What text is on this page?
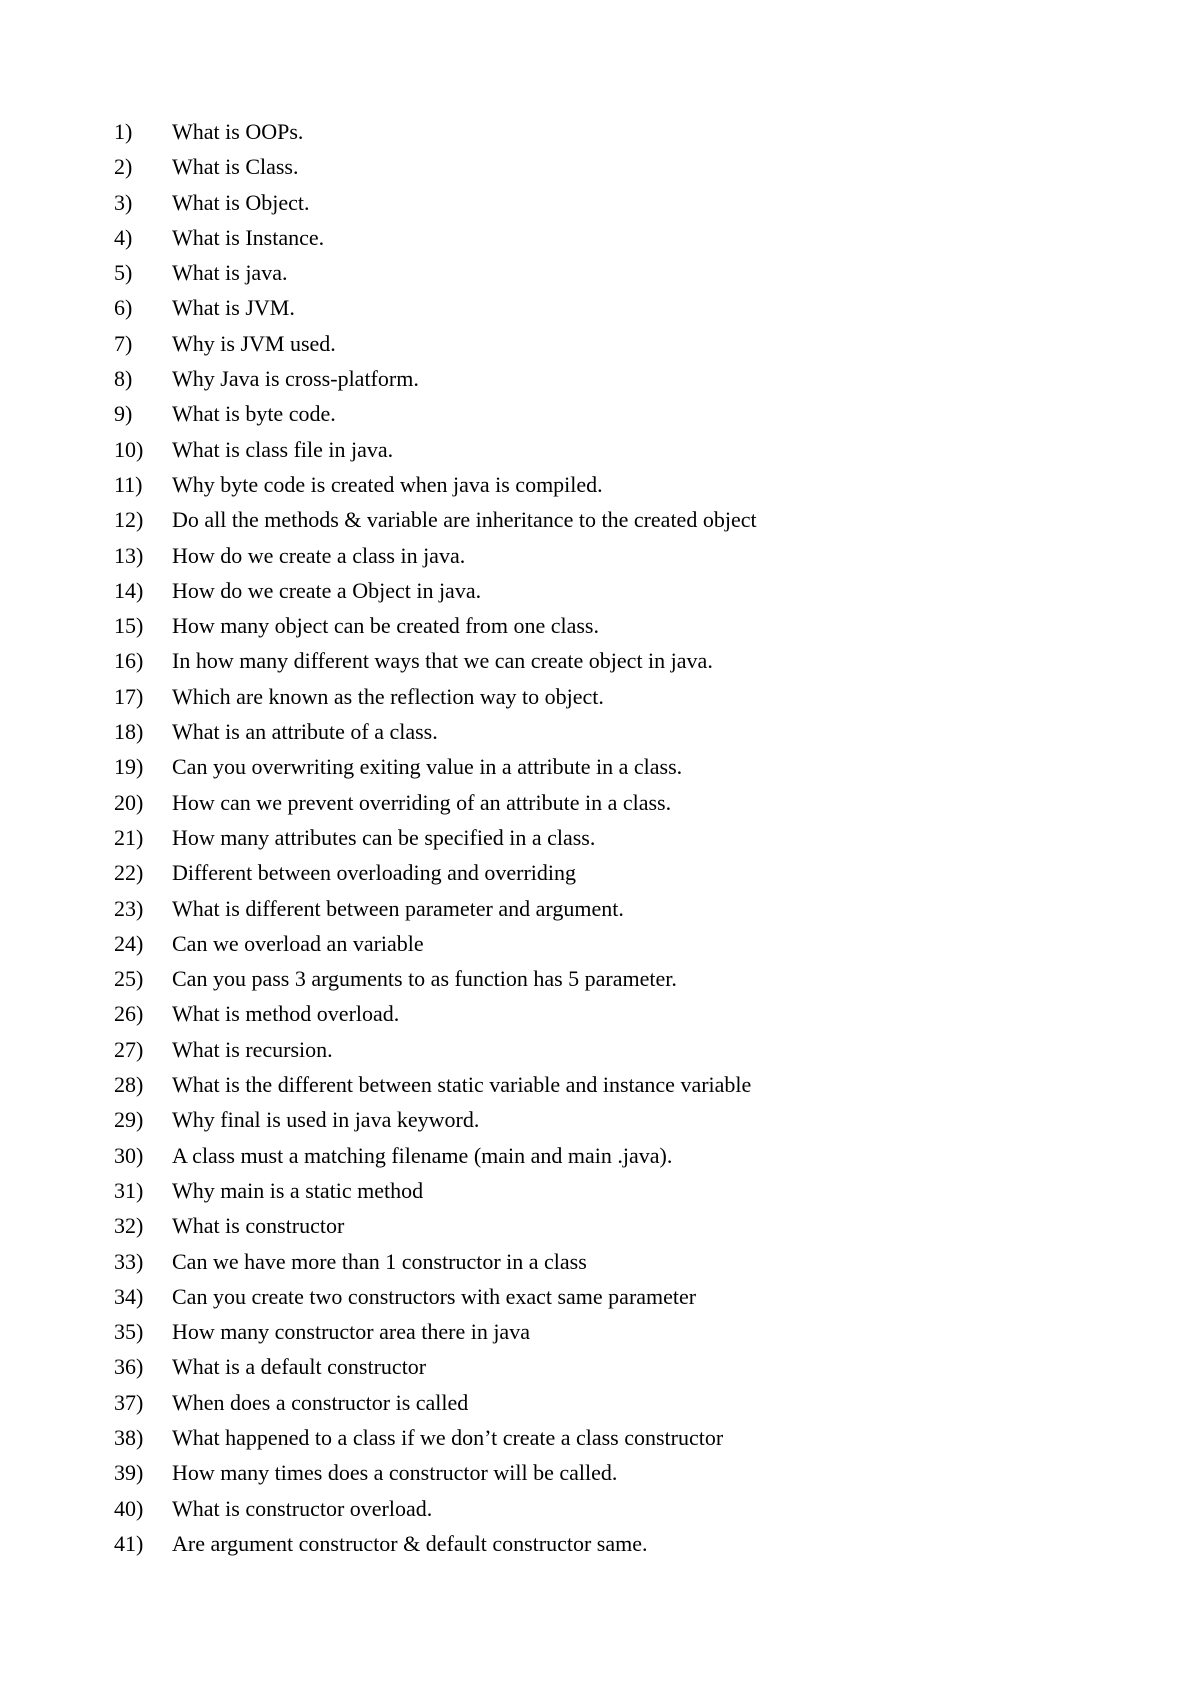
1)	What is OOPs.
2)	What is Class.
3)	What is Object.
4)	What is Instance.
5)	What is java.
6)	What is JVM.
7)	Why is JVM used.
8)	Why Java is cross-platform.
9)	What is byte code.
10)	What is class file in java.
11)	Why byte code is created when java is compiled.
12)	Do all the methods & variable are inheritance to the created object
13)	How do we create a class in java.
14)	How do we create a Object in java.
15)	How many object can be created from one class.
16)	In how many different ways that we can create object in java.
17)	Which are known as the reflection way to object.
18)	What is an attribute of a class.
19)	Can you overwriting exiting value in a attribute in a class.
20)	How can we prevent overriding of an attribute in a class.
21)	How many attributes can be specified in a class.
22)	Different between overloading and overriding
23)	What is different between parameter and argument.
24)	Can we overload an variable
25)	Can you pass 3 arguments to as function has 5 parameter.
26)	What is method overload.
27)	What is recursion.
28)	What is the different between static variable and instance variable
29)	Why final is used in java keyword.
30)	A class must a matching filename (main and main .java).
31)	Why main is a static method
32)	What is constructor
33)	Can we have more than 1 constructor in a class
34)	Can you create two constructors with exact same parameter
35)	How many constructor area there in java
36)	What is a default constructor
37)	When does a constructor is called
38)	What happened to a class if we don’t create a class constructor
39)	How many times does a constructor will be called.
40)	What is constructor overload.
41)	Are argument constructor & default constructor same.
